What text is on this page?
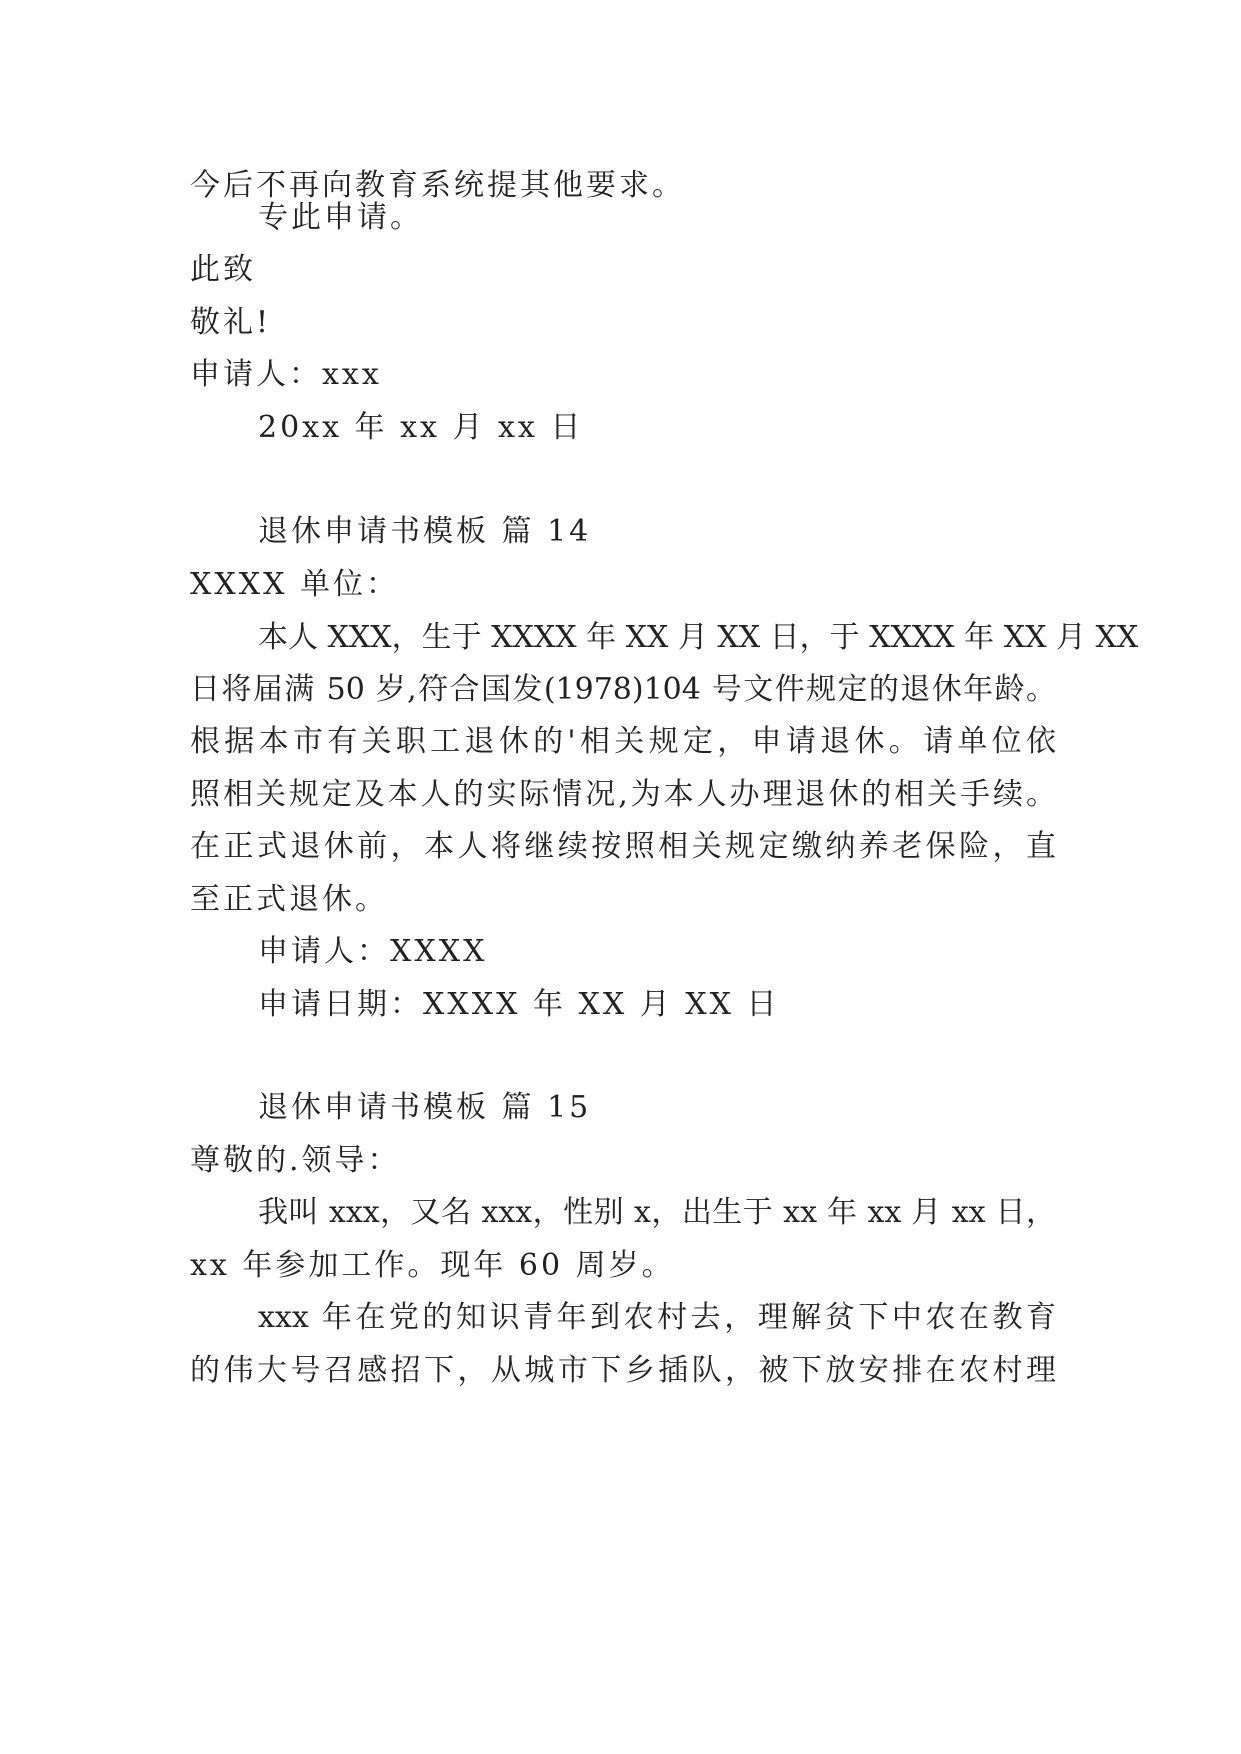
今后不再向教育系统提其他要求。
专此申请。
此致
敬礼!
申请人：xxx
20xx 年 xx 月 xx 日
退休申请书模板 篇 14
XXXX 单位：
本人 XXX，生于 XXXX 年 XX 月 XX 日，于 XXXX 年 XX 月 XX
日将届满 50 岁,符合国发(1978)104 号文件规定的退休年龄。
根据本市有关职工退休的'相关规定，申请退休。请单位依
照相关规定及本人的实际情况,为本人办理退休的相关手续。
在正式退休前，本人将继续按照相关规定缴纳养老保险，直
至正式退休。
申请人：XXXX
申请日期：XXXX 年 XX 月 XX 日
退休申请书模板 篇 15
尊敬的.领导：
我叫 xxx，又名 xxx，性别 x，出生于 xx 年 xx 月 xx 日，
xx 年参加工作。现年 60 周岁。
xxx 年在党的知识青年到农村去，理解贫下中农在教育
的伟大号召感招下，从城市下乡插队，被下放安排在农村理
